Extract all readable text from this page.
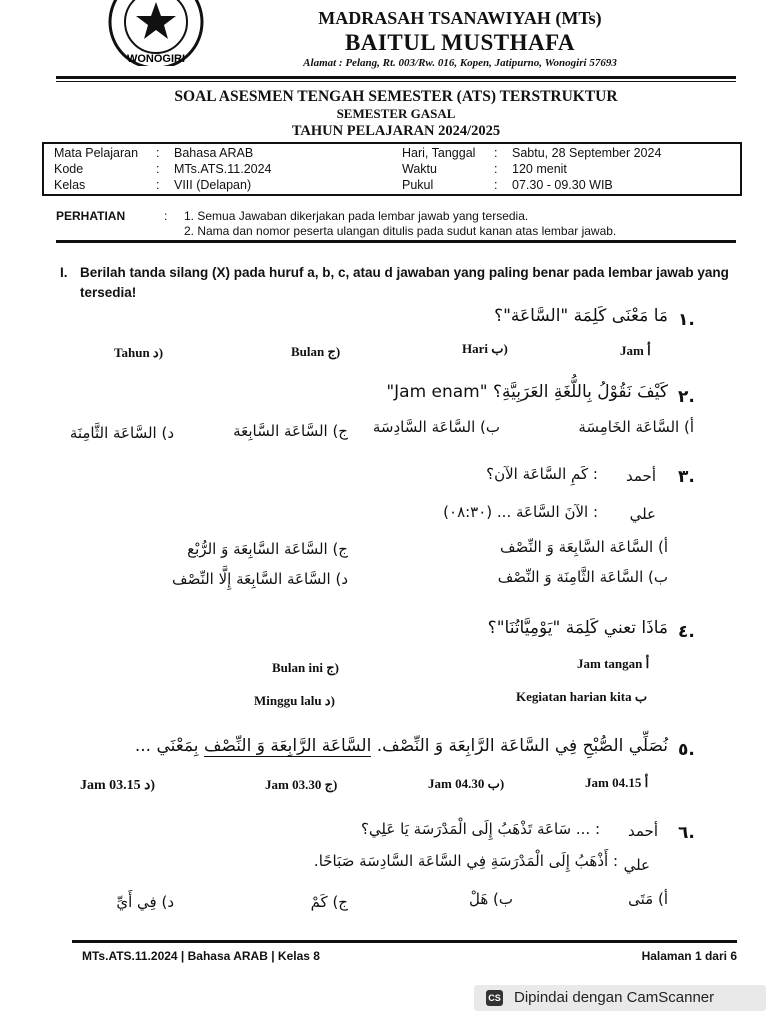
WONOGIRI
MADRASAH TSANAWIYAH (MTs)
BAITUL MUSTHAFA
Alamat : Pelang, Rt. 003/Rw. 016, Kopen, Jatipurno, Wonogiri 57693
SOAL ASESMEN TENGAH SEMESTER (ATS) TERSTRUKTUR
SEMESTER GASAL
TAHUN PELAJARAN 2024/2025
Mata Pelajaran : Bahasa ARAB	Hari, Tanggal : Sabtu, 28 September 2024
Kode	: MTs.ATS.11.2024	Waktu	: 120 menit
Kelas	: VIII (Delapan)	Pukul	: 07.30 - 09.30 WIB
PERHATIAN	: 1. Semua Jawaban dikerjakan pada lembar jawab yang tersedia.
2. Nama dan nomor peserta ulangan ditulis pada sudut kanan atas lembar jawab.
I. Berilah tanda silang (X) pada huruf a, b, c, atau d jawaban yang paling benar pada lembar jawab yang tersedia!
١.
مَا مَعْنَى كَلِمَة "السَّاعَة"؟
Jam أ
Hari ب)
Bulan ج)
Tahun د)
٢.
كَيْفَ نَقُوْلُ بِاللُّغَةِ العَرَبِيَّةِ؟ "Jam enam"
أ) السَّاعَة الخَامِسَة
ب) السَّاعَة السَّادِسَة
ج) السَّاعَة السَّابِعَة
د) السَّاعَة الثَّامِنَة
٣.
أحمد
: كَمِ السَّاعَة الآن؟
علي
: الآنَ السَّاعَة ... (٠٨:٣٠)
أ) السَّاعَة السَّابِعَة وَ النِّصْف
ب) السَّاعَة الثَّامِنَة وَ النِّصْف
ج) السَّاعَة السَّابِعَة وَ الرُّبْع
د) السَّاعَة السَّابِعَة إِلَّا النِّصْف
٤.
مَاذَا تعني كَلِمَة "يَوْمِيَّاتُنَا"؟
Jam tangan أ
Kegiatan harian kita ب
Bulan ini ج)
Minggu lalu د)
٥.
نُصَلِّي الصُّبْحِ فِي السَّاعَة الرَّابِعَة وَ النِّصْف. السَّاعَة الرَّابِعَة وَ النِّصْف بِمَعْنَي ...
Jam 04.15 أ
Jam 04.30 ب)
Jam 03.30 ج)
Jam 03.15 د)
٦.
أحمد
: ... سَاعَة تَذْهَبُ إِلَى الْمَدْرَسَة يَا عَلِي؟
علي
: أَذْهَبُ إِلَى الْمَدْرَسَةِ فِي السَّاعَة السَّادِسَة صَبَاحًا.
أ) مَتَى
ب) هَلْ
ج) كَمْ
د) فِي أَيِّ
MTs.ATS.11.2024 | Bahasa ARAB | Kelas 8	Halaman 1 dari 6
CS Dipindai dengan CamScanner
